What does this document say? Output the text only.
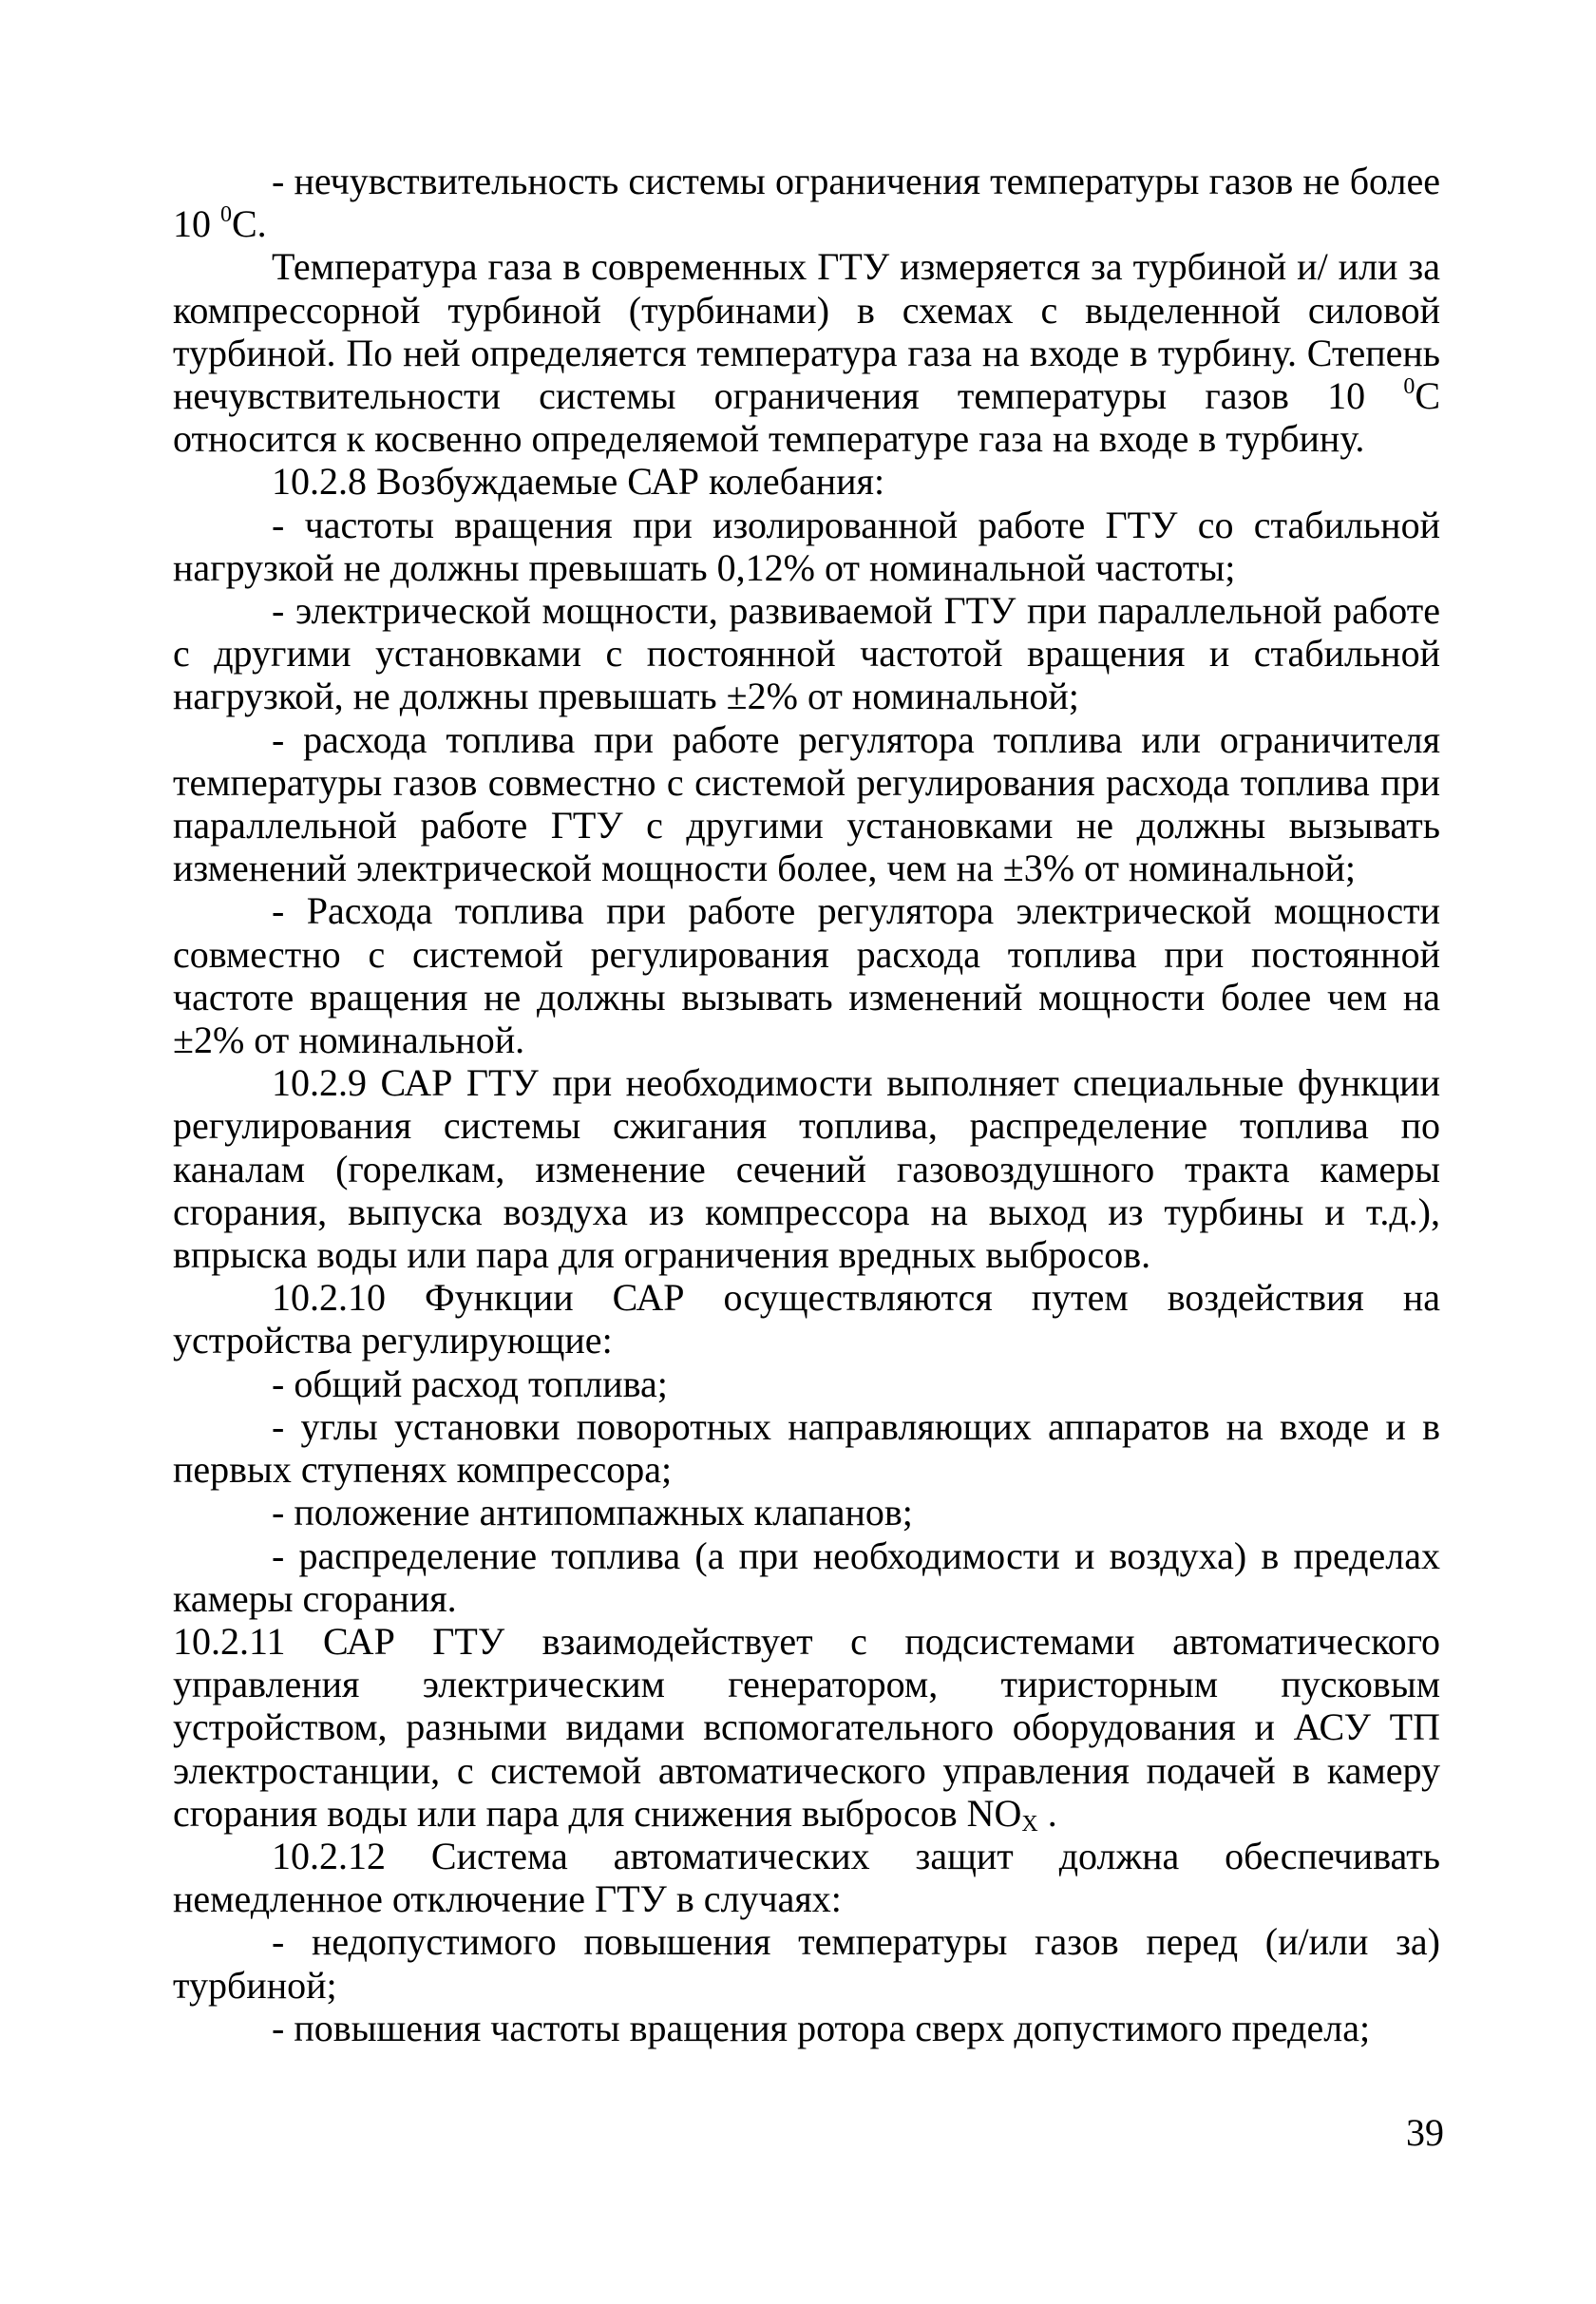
- нечувствительность системы ограничения температуры газов не более 10 $^0$С.

Температура газа в современных ГТУ измеряется за турбиной и/ или за компрессорной турбиной (турбинами) в схемах с выделенной силовой турбиной. По ней определяется температура газа на входе в турбину. Степень нечувствительности системы ограничения температуры газов 10 $^0$С относится к косвенно определяемой температуре газа на входе в турбину.

10.2.8 Возбуждаемые САР колебания:

- частоты вращения при изолированной работе ГТУ со стабильной нагрузкой не должны превышать 0,12% от номинальной частоты;

- электрической мощности, развиваемой ГТУ при параллельной работе с другими установками с постоянной частотой вращения и стабильной нагрузкой, не должны превышать ±2% от номинальной;

- расхода топлива при работе регулятора топлива или ограничителя температуры газов совместно с системой регулирования расхода топлива при параллельной работе ГТУ с другими установками не должны вызывать изменений электрической мощности более, чем на ±3% от номинальной;

- Расхода топлива при работе регулятора электрической мощности совместно с системой регулирования расхода топлива при постоянной частоте вращения не должны вызывать изменений мощности более чем на ±2% от номинальной.

10.2.9 САР ГТУ при необходимости выполняет специальные функции регулирования системы сжигания топлива, распределение топлива по каналам (горелкам, изменение сечений газовоздушного тракта камеры сгорания, выпуска воздуха из компрессора на выход из турбины и т.д.), впрыска воды или пара для ограничения вредных выбросов.

10.2.10 Функции САР осуществляются путем воздействия на устройства регулирующие:

- общий расход топлива;

- углы установки поворотных направляющих аппаратов на входе и в первых ступенях компрессора;

- положение антипомпажных клапанов;

- распределение топлива (а при необходимости и воздуха) в пределах камеры сгорания.

10.2.11 САР ГТУ взаимодействует с подсистемами автоматического управления электрическим генератором, тиристорным пусковым устройством, разными видами вспомогательного оборудования и АСУ ТП электростанции, с системой автоматического управления подачей в камеру сгорания воды или пара для снижения выбросов $NO_X$ .

10.2.12 Система автоматических защит должна обеспечивать немедленное отключение ГТУ в случаях:

- недопустимого повышения температуры газов перед (и/или за) турбиной;

- повышения частоты вращения ротора сверх допустимого предела;

39
